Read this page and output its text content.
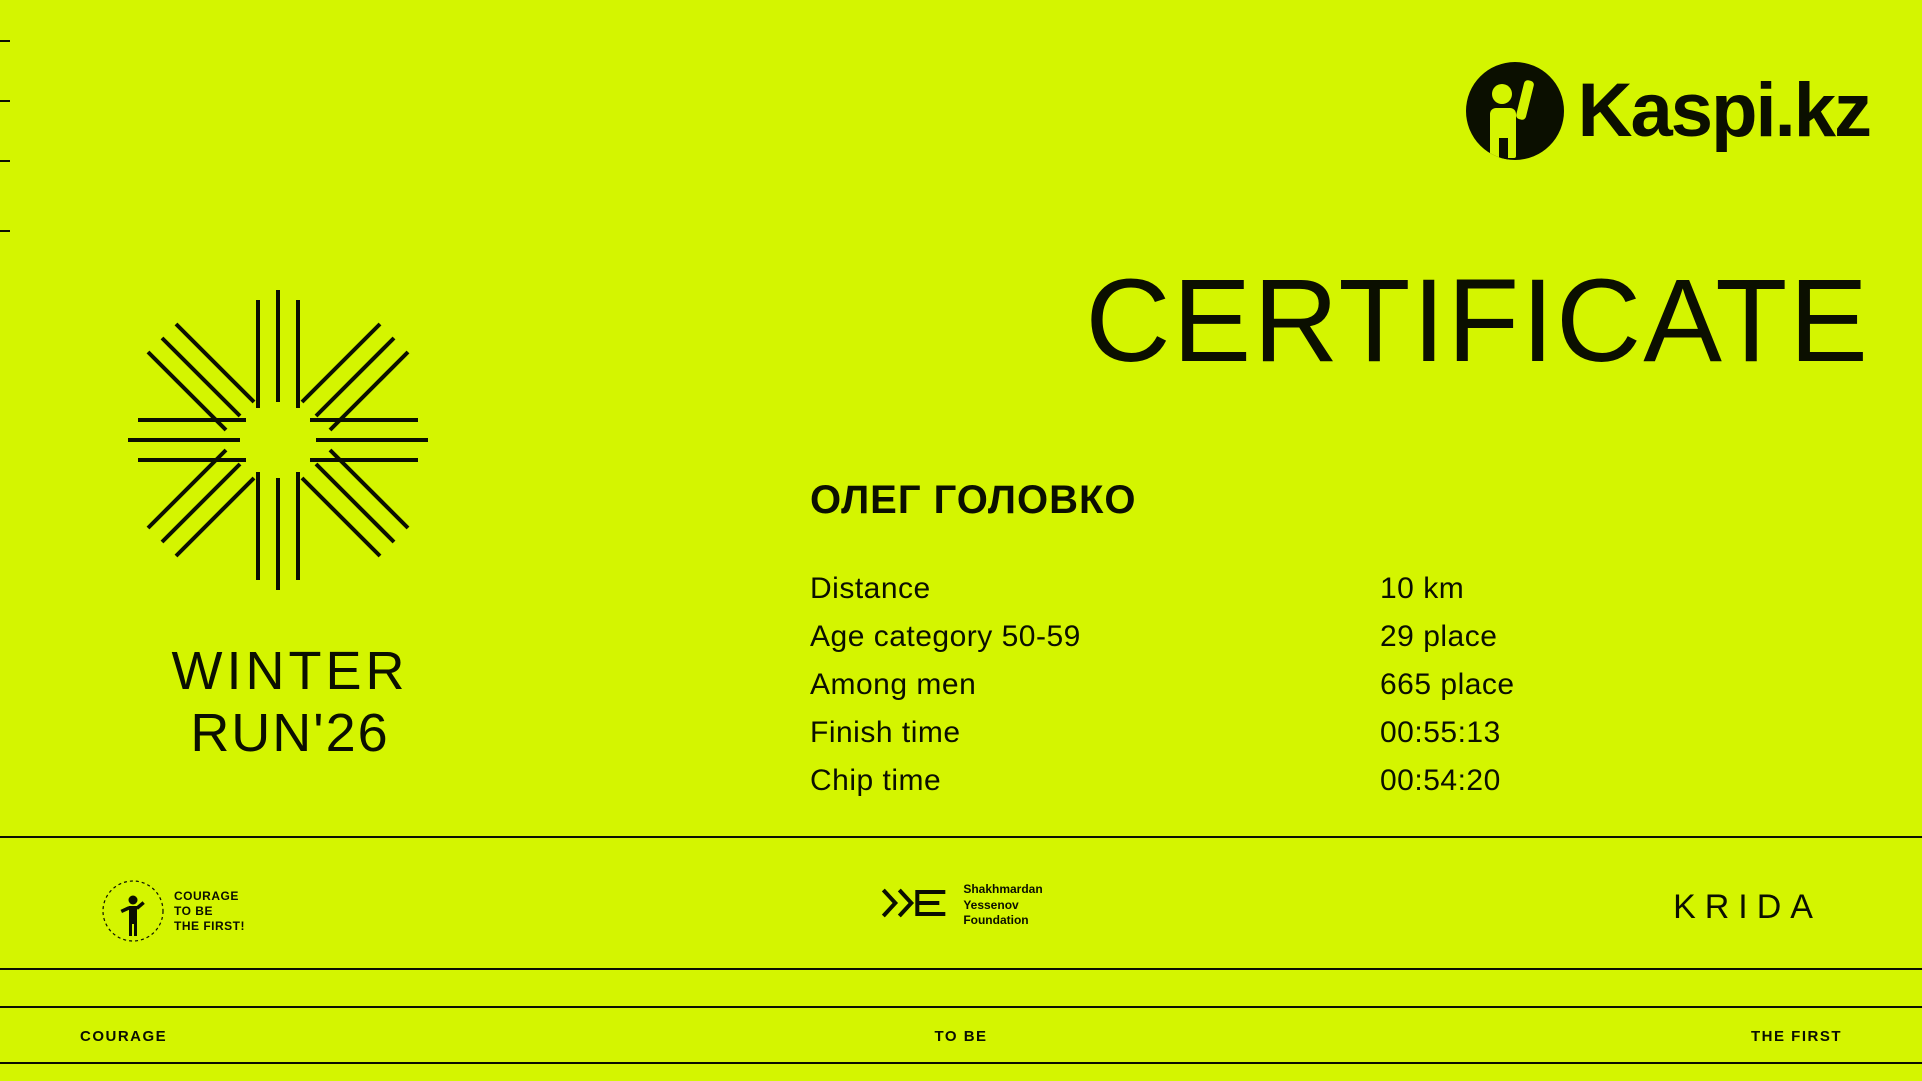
Kaspi.kz
WINTER
RUN'26
CERTIFICATE
ОЛЕГ ГОЛОВКО
Distance	10 km
Age category 50-59	29 place
Among men	665 place
Finish time	00:55:13
Chip time	00:54:20
COURAGE
TO BE
THE FIRST!
Shakhmardan
Yessenov
Foundation	KRIDA
COURAGE	TO BE	THE FIRST
